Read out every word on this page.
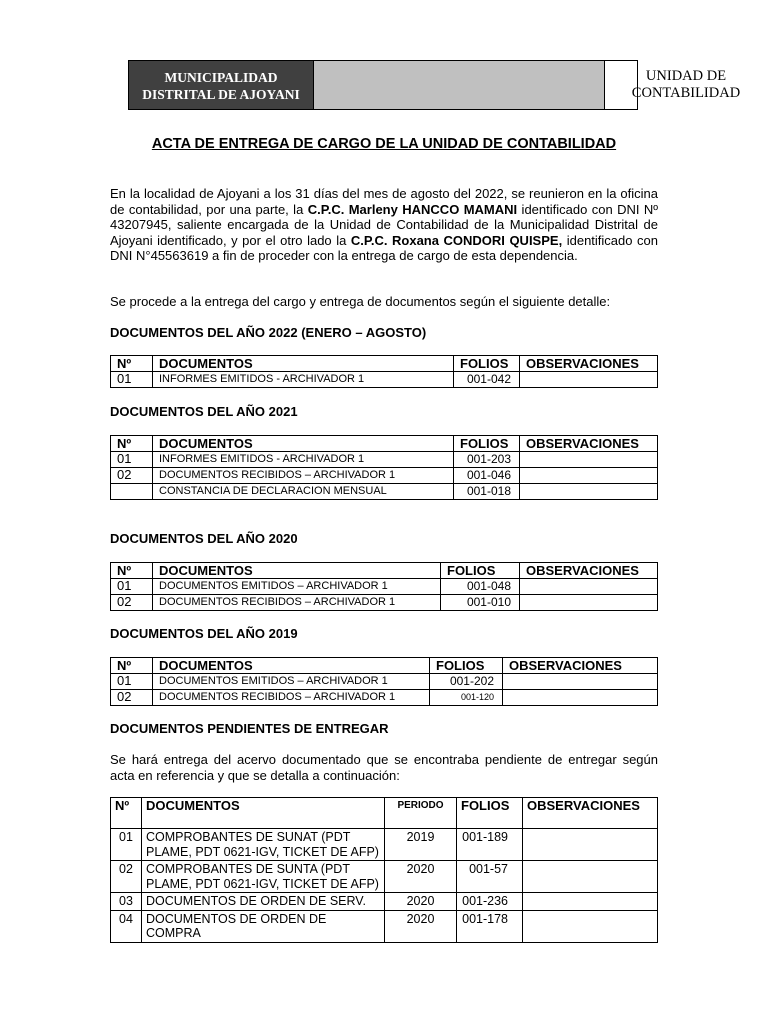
MUNICIPALIDAD DISTRITAL DE AJOYANI
UNIDAD DE CONTABILIDAD
ACTA DE ENTREGA DE CARGO DE LA UNIDAD DE CONTABILIDAD
En la localidad de Ajoyani a los 31 días del mes de agosto del 2022, se reunieron en la oficina de contabilidad, por una parte, la C.P.C. Marleny HANCCO MAMANI identificado con DNI Nº 43207945, saliente encargada de la Unidad de Contabilidad de la Municipalidad Distrital de Ajoyani identificado, y por el otro lado la C.P.C. Roxana CONDORI QUISPE, identificado con DNI N°45563619 a fin de proceder con la entrega de cargo de esta dependencia.
Se procede a la entrega del cargo y entrega de documentos según el siguiente detalle:
DOCUMENTOS DEL AÑO 2022 (ENERO – AGOSTO)
Nº	DOCUMENTOS	FOLIOS	OBSERVACIONES
01	INFORMES EMITIDOS - ARCHIVADOR 1	001-042	
DOCUMENTOS DEL AÑO 2021
Nº	DOCUMENTOS	FOLIOS	OBSERVACIONES
01	INFORMES EMITIDOS - ARCHIVADOR 1	001-203	
02	DOCUMENTOS RECIBIDOS – ARCHIVADOR 1	001-046	
	CONSTANCIA DE DECLARACION MENSUAL	001-018	
DOCUMENTOS DEL AÑO 2020
Nº	DOCUMENTOS	FOLIOS	OBSERVACIONES
01	DOCUMENTOS EMITIDOS – ARCHIVADOR 1	001-048	
02	DOCUMENTOS RECIBIDOS – ARCHIVADOR 1	001-010	
DOCUMENTOS DEL AÑO 2019
Nº	DOCUMENTOS	FOLIOS	OBSERVACIONES
01	DOCUMENTOS EMITIDOS – ARCHIVADOR 1	001-202	
02	DOCUMENTOS RECIBIDOS – ARCHIVADOR 1	001-120	
DOCUMENTOS PENDIENTES DE ENTREGAR
Se hará entrega del acervo documentado que se encontraba pendiente de entregar según acta en referencia y que se detalla a continuación:
Nº	DOCUMENTOS	PERIODO	FOLIOS	OBSERVACIONES
01	COMPROBANTES DE SUNAT (PDT PLAME, PDT 0621-IGV, TICKET DE AFP)	2019	001-189	
02	COMPROBANTES DE SUNTA (PDT PLAME, PDT 0621-IGV, TICKET DE AFP)	2020	001-57	
03	DOCUMENTOS DE ORDEN DE SERV.	2020	001-236	
04	DOCUMENTOS DE ORDEN DE COMPRA	2020	001-178	
